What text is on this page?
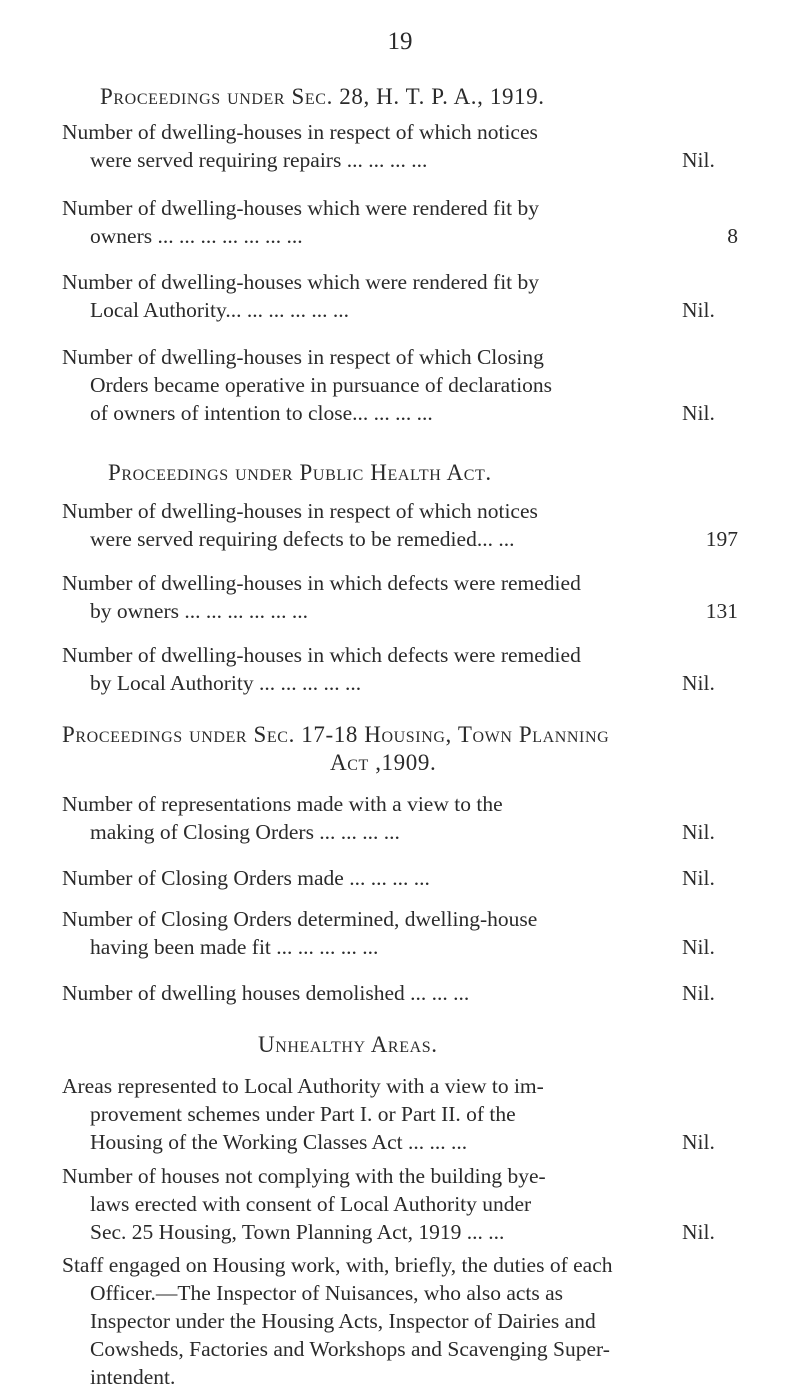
19
Proceedings under Sec. 28, H. T. P. A., 1919.
Number of dwelling-houses in respect of which notices
were served requiring repairs ... ... ... ...	Nil.
Number of dwelling-houses which were rendered fit by
owners ... ... ... ... ... ... ...	8
Number of dwelling-houses which were rendered fit by
Local Authority... ... ... ... ... ...	Nil.
Number of dwelling-houses in respect of which Closing
Orders became operative in pursuance of declarations
of owners of intention to close... ... ... ...	Nil.
Proceedings under Public Health Act.
Number of dwelling-houses in respect of which notices
were served requiring defects to be remedied... ...	197
Number of dwelling-houses in which defects were remedied
by owners ... ... ... ... ... ...	131
Number of dwelling-houses in which defects were remedied
by Local Authority ... ... ... ... ...	Nil.
Proceedings under Sec. 17-18 Housing, Town Planning
Act ,1909.
Number of representations made with a view to the
making of Closing Orders ... ... ... ...	Nil.
Number of Closing Orders made ... ... ... ...	Nil.
Number of Closing Orders determined, dwelling-house
having been made fit ... ... ... ... ...	Nil.
Number of dwelling houses demolished ... ... ...	Nil.
Unhealthy Areas.
Areas represented to Local Authority with a view to im-
provement schemes under Part I. or Part II. of the
Housing of the Working Classes Act ... ... ...	Nil.
Number of houses not complying with the building bye-
laws erected with consent of Local Authority under
Sec. 25 Housing, Town Planning Act, 1919 ... ...	Nil.
Staff engaged on Housing work, with, briefly, the duties of each
Officer.—The Inspector of Nuisances, who also acts as
Inspector under the Housing Acts, Inspector of Dairies and
Cowsheds, Factories and Workshops and Scavenging Super-
intendent.
